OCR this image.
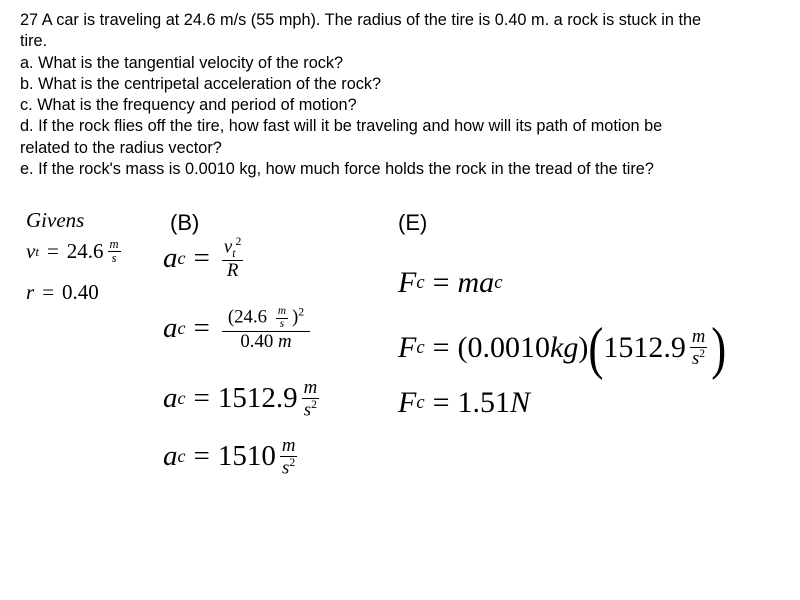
27 A car is traveling at 24.6 m/s (55 mph). The radius of the tire is 0.40 m. a rock is stuck in the
tire.
a. What is the tangential velocity of the rock?
b. What is the centripetal acceleration of the rock?
c. What is the frequency and period of motion?
d. If the rock flies off the tire, how fast will it be traveling and how will its path of motion be
related to the radius vector?
e. If the rock's mass is 0.0010 kg, how much force holds the rock in the tread of the tire?
Givens
v $t = 24.6 \frac{m}{s}$
r = 0.40
(B)
a $c = \frac{v_t^2}{R}$
a $c = \frac{(24.6 \frac{m}{s} )^2}{0.40 m}$
a $c = 1512.9 \frac{m}{s^2}$
a $c = 1510 \frac{m}{s^2}$
(E)
F c = ma c
F c = ( 0.0010 kg ) ( $1512.9 \frac{m}{s^2}$ )
F c = 1.51 N
